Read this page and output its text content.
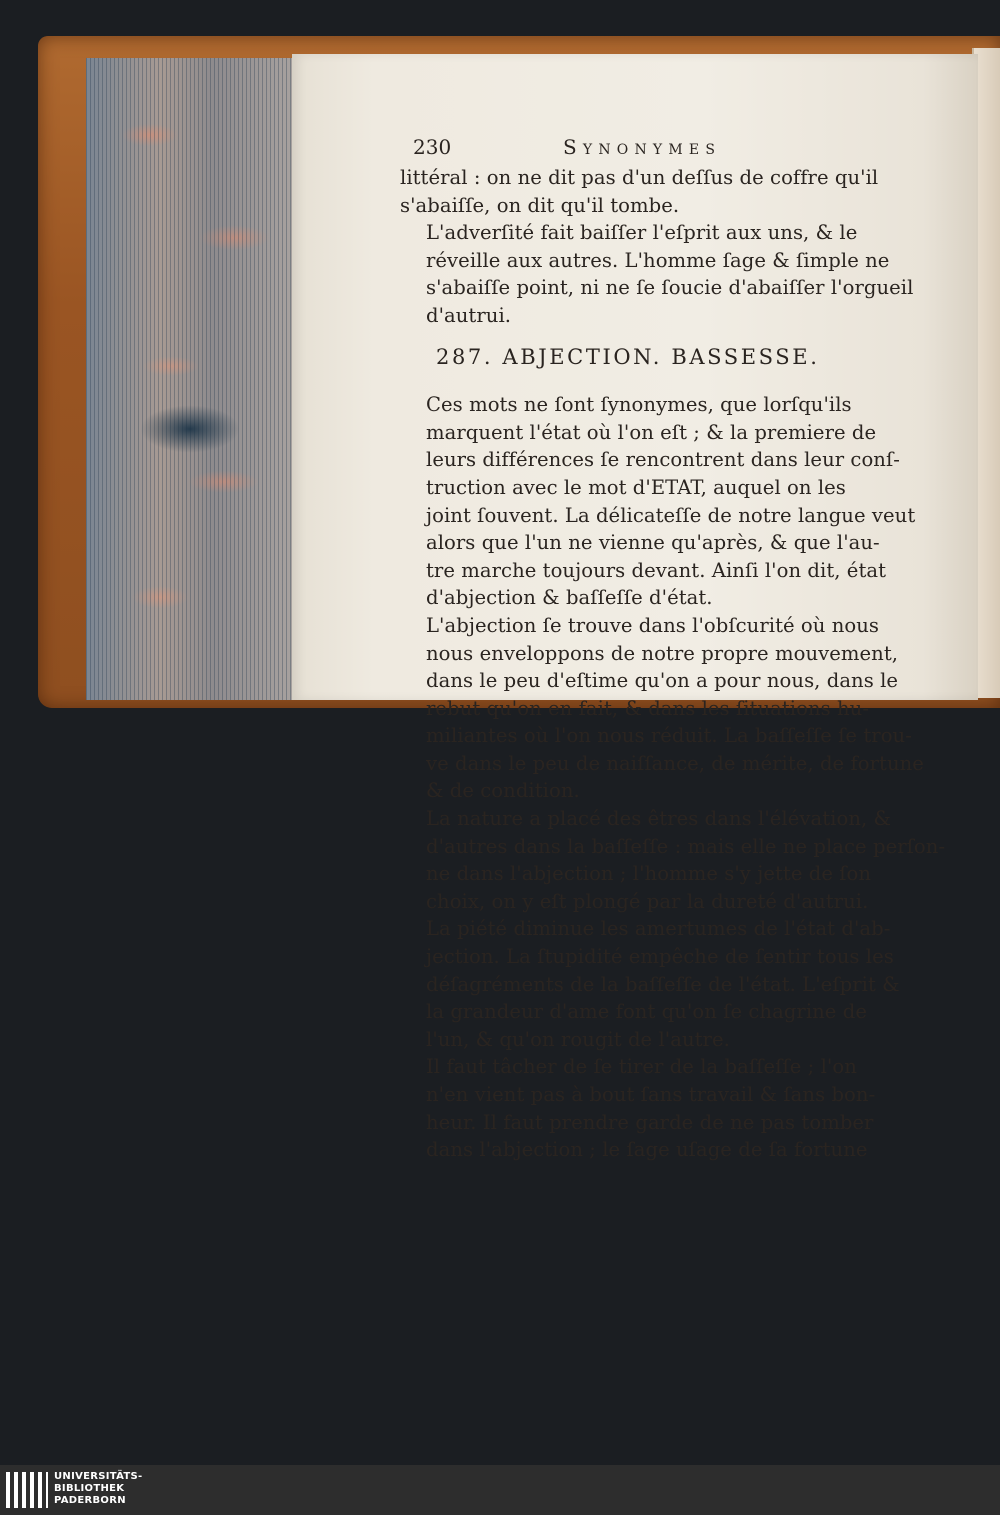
230	Synonymes

littéral : on ne dit pas d'un deſſus de coffre qu'il
s'abaiſſe, on dit qu'il tombe.

L'adverſité fait baiſſer l'eſprit aux uns, & le
réveille aux autres. L'homme ſage & ſimple ne
s'abaiſſe point, ni ne ſe ſoucie d'abaiſſer l'orgueil
d'autrui.

287. ABJECTION. BASSESSE.

Ces mots ne ſont ſynonymes, que lorſqu'ils
marquent l'état où l'on eſt ; & la premiere de
leurs différences ſe rencontrent dans leur conſ-
truction avec le mot d'ETAT, auquel on les
joint ſouvent. La délicateſſe de notre langue veut
alors que l'un ne vienne qu'après, & que l'au-
tre marche toujours devant. Ainſi l'on dit, état
d'abjection & baſſeſſe d'état.

L'abjection ſe trouve dans l'obſcurité où nous
nous enveloppons de notre propre mouvement,
dans le peu d'eſtime qu'on a pour nous, dans le
rebut qu'on en fait, & dans les ſituations hu-
miliantes où l'on nous réduit. La baſſeſſe ſe trou-
ve dans le peu de naiſſance, de mérite, de fortune
& de condition.

La nature a placé des êtres dans l'élévation, &
d'autres dans la baſſeſſe : mais elle ne place perſon-
ne dans l'abjection ; l'homme s'y jette de ſon
choix, on y eſt plongé par la dureté d'autrui.

La piété diminue les amertumes de l'état d'ab-
jection. La ſtupidité empêche de ſentir tous les
déſagréments de la baſſeſſe de l'état. L'eſprit &
la grandeur d'ame font qu'on ſe chagrine de
l'un, & qu'on rougit de l'autre.

Il faut tâcher de ſe tirer de la baſſeſſe ; l'on
n'en vient pas à bout ſans travail & ſans bon-
heur. Il faut prendre garde de ne pas tomber
dans l'abjection ; le ſage uſage de ſa fortune

UNIVERSITÄTS-
BIBLIOTHEK
PADERBORN
